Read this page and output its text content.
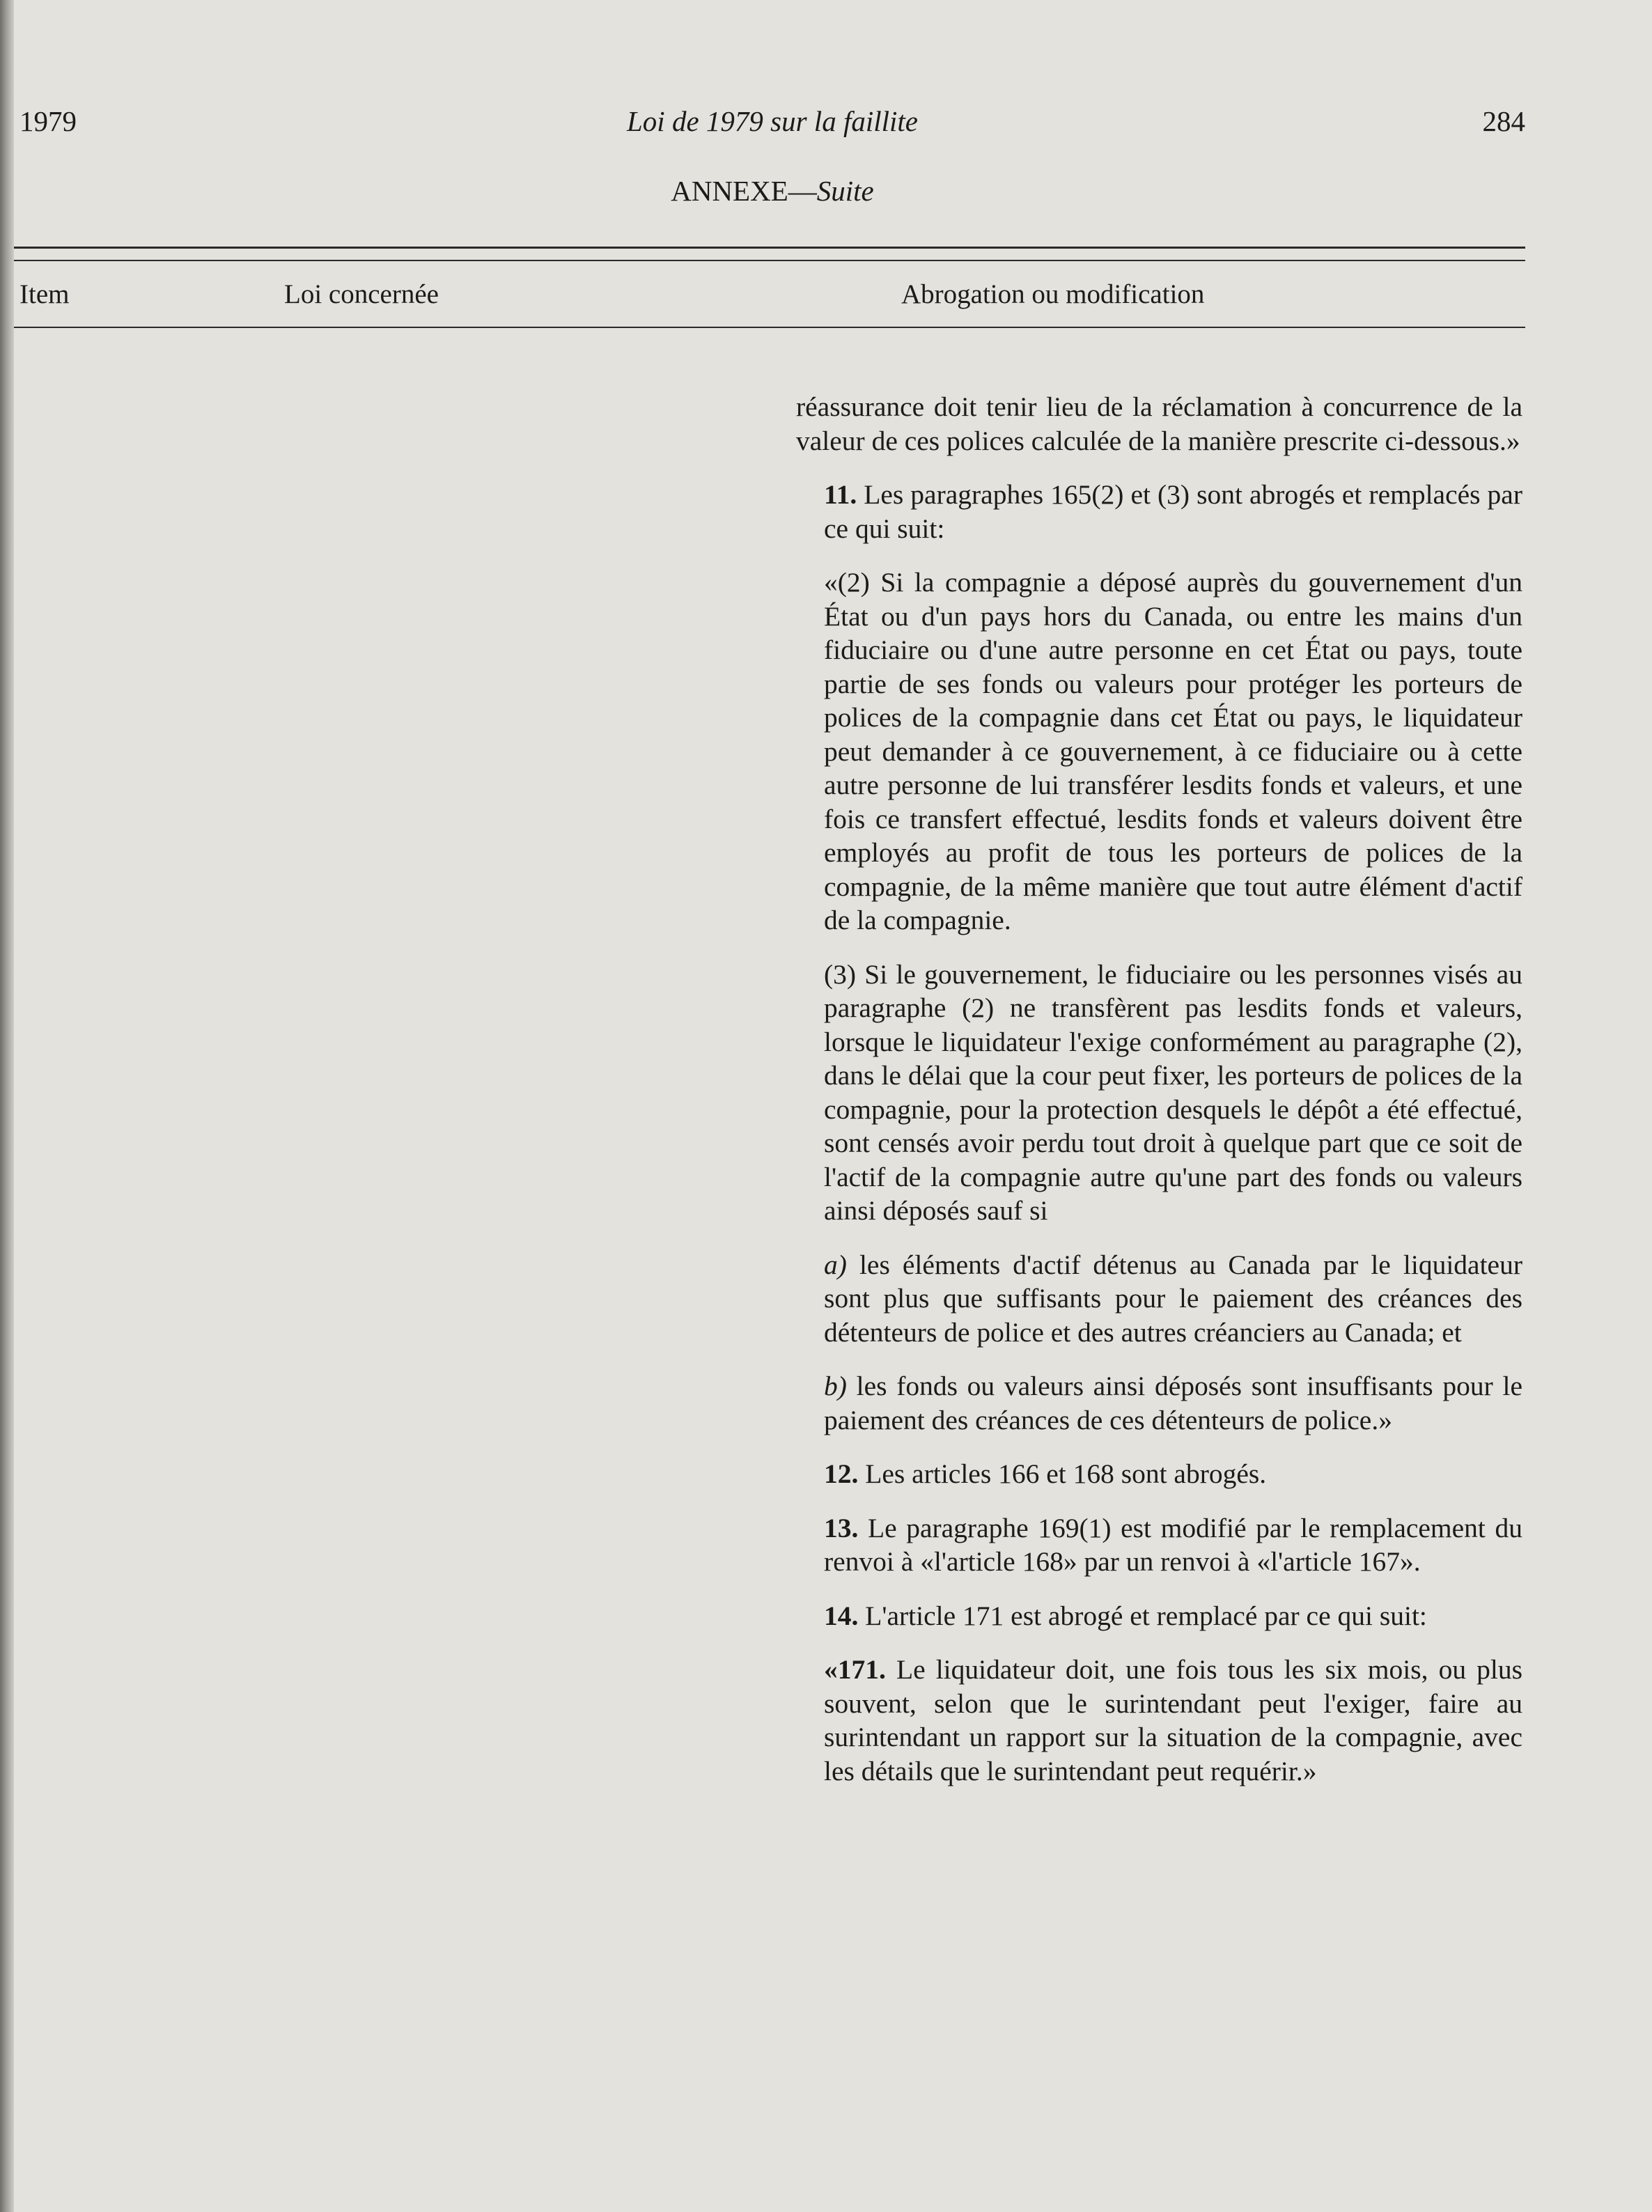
1979	Loi de 1979 sur la faillite	284
ANNEXE—Suite
Item	Loi concernée	Abrogation ou modification

réassurance doit tenir lieu de la réclamation à concurrence de la valeur de ces polices calculée de la manière prescrite ci-dessous.»

11. Les paragraphes 165(2) et (3) sont abrogés et remplacés par ce qui suit:

«(2) Si la compagnie a déposé auprès du gouvernement d'un État ou d'un pays hors du Canada, ou entre les mains d'un fiduciaire ou d'une autre personne en cet État ou pays, toute partie de ses fonds ou valeurs pour protéger les porteurs de polices de la compagnie dans cet État ou pays, le liquidateur peut demander à ce gouvernement, à ce fiduciaire ou à cette autre personne de lui transférer lesdits fonds et valeurs, et une fois ce transfert effectué, lesdits fonds et valeurs doivent être employés au profit de tous les porteurs de polices de la compagnie, de la même manière que tout autre élément d'actif de la compagnie.

(3) Si le gouvernement, le fiduciaire ou les personnes visés au paragraphe (2) ne transfèrent pas lesdits fonds et valeurs, lorsque le liquidateur l'exige conformément au paragraphe (2), dans le délai que la cour peut fixer, les porteurs de polices de la compagnie, pour la protection desquels le dépôt a été effectué, sont censés avoir perdu tout droit à quelque part que ce soit de l'actif de la compagnie autre qu'une part des fonds ou valeurs ainsi déposés sauf si

a) les éléments d'actif détenus au Canada par le liquidateur sont plus que suffisants pour le paiement des créances des détenteurs de police et des autres créanciers au Canada; et

b) les fonds ou valeurs ainsi déposés sont insuffisants pour le paiement des créances de ces détenteurs de police.»

12. Les articles 166 et 168 sont abrogés.

13. Le paragraphe 169(1) est modifié par le remplacement du renvoi à «l'article 168» par un renvoi à «l'article 167».

14. L'article 171 est abrogé et remplacé par ce qui suit:

«171. Le liquidateur doit, une fois tous les six mois, ou plus souvent, selon que le surintendant peut l'exiger, faire au surintendant un rapport sur la situation de la compagnie, avec les détails que le surintendant peut requérir.»
